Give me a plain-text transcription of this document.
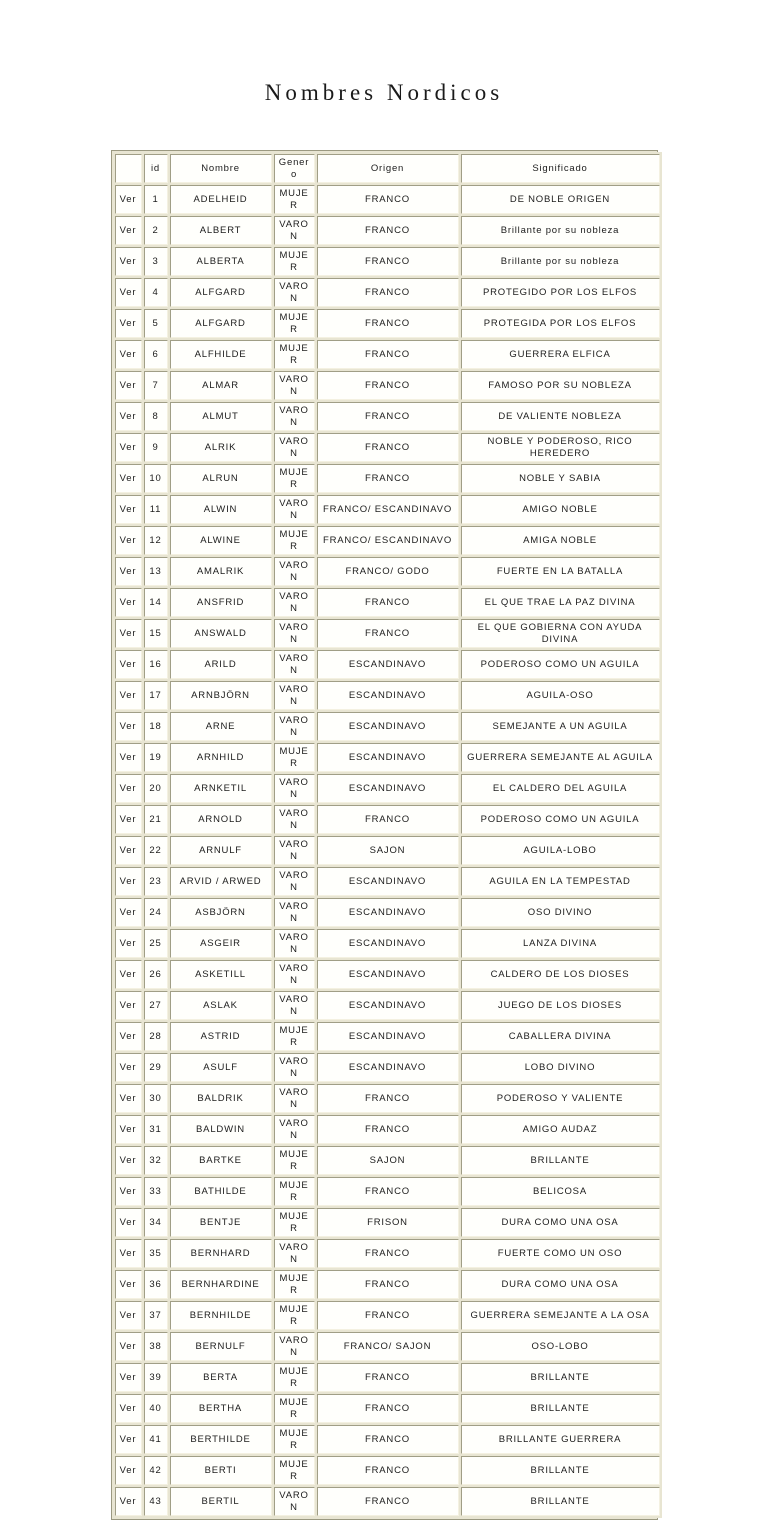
Nombres Nordicos
	id	Nombre	Genero	Origen	Significado
Ver	1	ADELHEID	MUJER	FRANCO	DE NOBLE ORIGEN
Ver	2	ALBERT	VARON	FRANCO	Brillante por su nobleza
Ver	3	ALBERTA	MUJER	FRANCO	Brillante por su nobleza
Ver	4	ALFGARD	VARON	FRANCO	PROTEGIDO POR LOS ELFOS
Ver	5	ALFGARD	MUJER	FRANCO	PROTEGIDA POR LOS ELFOS
Ver	6	ALFHILDE	MUJER	FRANCO	GUERRERA ELFICA
Ver	7	ALMAR	VARON	FRANCO	FAMOSO POR SU NOBLEZA
Ver	8	ALMUT	VARON	FRANCO	DE VALIENTE NOBLEZA
Ver	9	ALRIK	VARON	FRANCO	NOBLE Y PODEROSO, RICO HEREDERO
Ver	10	ALRUN	MUJER	FRANCO	NOBLE Y SABIA
Ver	11	ALWIN	VARON	FRANCO/ ESCANDINAVO	AMIGO NOBLE
Ver	12	ALWINE	MUJER	FRANCO/ ESCANDINAVO	AMIGA NOBLE
Ver	13	AMALRIK	VARON	FRANCO/ GODO	FUERTE EN LA BATALLA
Ver	14	ANSFRID	VARON	FRANCO	EL QUE TRAE LA PAZ DIVINA
Ver	15	ANSWALD	VARON	FRANCO	EL QUE GOBIERNA CON AYUDA DIVINA
Ver	16	ARILD	VARON	ESCANDINAVO	PODEROSO COMO UN AGUILA
Ver	17	ARNBJÖRN	VARON	ESCANDINAVO	AGUILA-OSO
Ver	18	ARNE	VARON	ESCANDINAVO	SEMEJANTE A UN AGUILA
Ver	19	ARNHILD	MUJER	ESCANDINAVO	GUERRERA SEMEJANTE AL AGUILA
Ver	20	ARNKETIL	VARON	ESCANDINAVO	EL CALDERO DEL AGUILA
Ver	21	ARNOLD	VARON	FRANCO	PODEROSO COMO UN AGUILA
Ver	22	ARNULF	VARON	SAJON	AGUILA-LOBO
Ver	23	ARVID / ARWED	VARON	ESCANDINAVO	AGUILA EN LA TEMPESTAD
Ver	24	ASBJÖRN	VARON	ESCANDINAVO	OSO DIVINO
Ver	25	ASGEIR	VARON	ESCANDINAVO	LANZA DIVINA
Ver	26	ASKETILL	VARON	ESCANDINAVO	CALDERO DE LOS DIOSES
Ver	27	ASLAK	VARON	ESCANDINAVO	JUEGO DE LOS DIOSES
Ver	28	ASTRID	MUJER	ESCANDINAVO	CABALLERA DIVINA
Ver	29	ASULF	VARON	ESCANDINAVO	LOBO DIVINO
Ver	30	BALDRIK	VARON	FRANCO	PODEROSO Y VALIENTE
Ver	31	BALDWIN	VARON	FRANCO	AMIGO AUDAZ
Ver	32	BARTKE	MUJER	SAJON	BRILLANTE
Ver	33	BATHILDE	MUJER	FRANCO	BELICOSA
Ver	34	BENTJE	MUJER	FRISON	DURA COMO UNA OSA
Ver	35	BERNHARD	VARON	FRANCO	FUERTE COMO UN OSO
Ver	36	BERNHARDINE	MUJER	FRANCO	DURA COMO UNA OSA
Ver	37	BERNHILDE	MUJER	FRANCO	GUERRERA SEMEJANTE A LA OSA
Ver	38	BERNULF	VARON	FRANCO/ SAJON	OSO-LOBO
Ver	39	BERTA	MUJER	FRANCO	BRILLANTE
Ver	40	BERTHA	MUJER	FRANCO	BRILLANTE
Ver	41	BERTHILDE	MUJER	FRANCO	BRILLANTE GUERRERA
Ver	42	BERTI	MUJER	FRANCO	BRILLANTE
Ver	43	BERTIL	VARON	FRANCO	BRILLANTE
